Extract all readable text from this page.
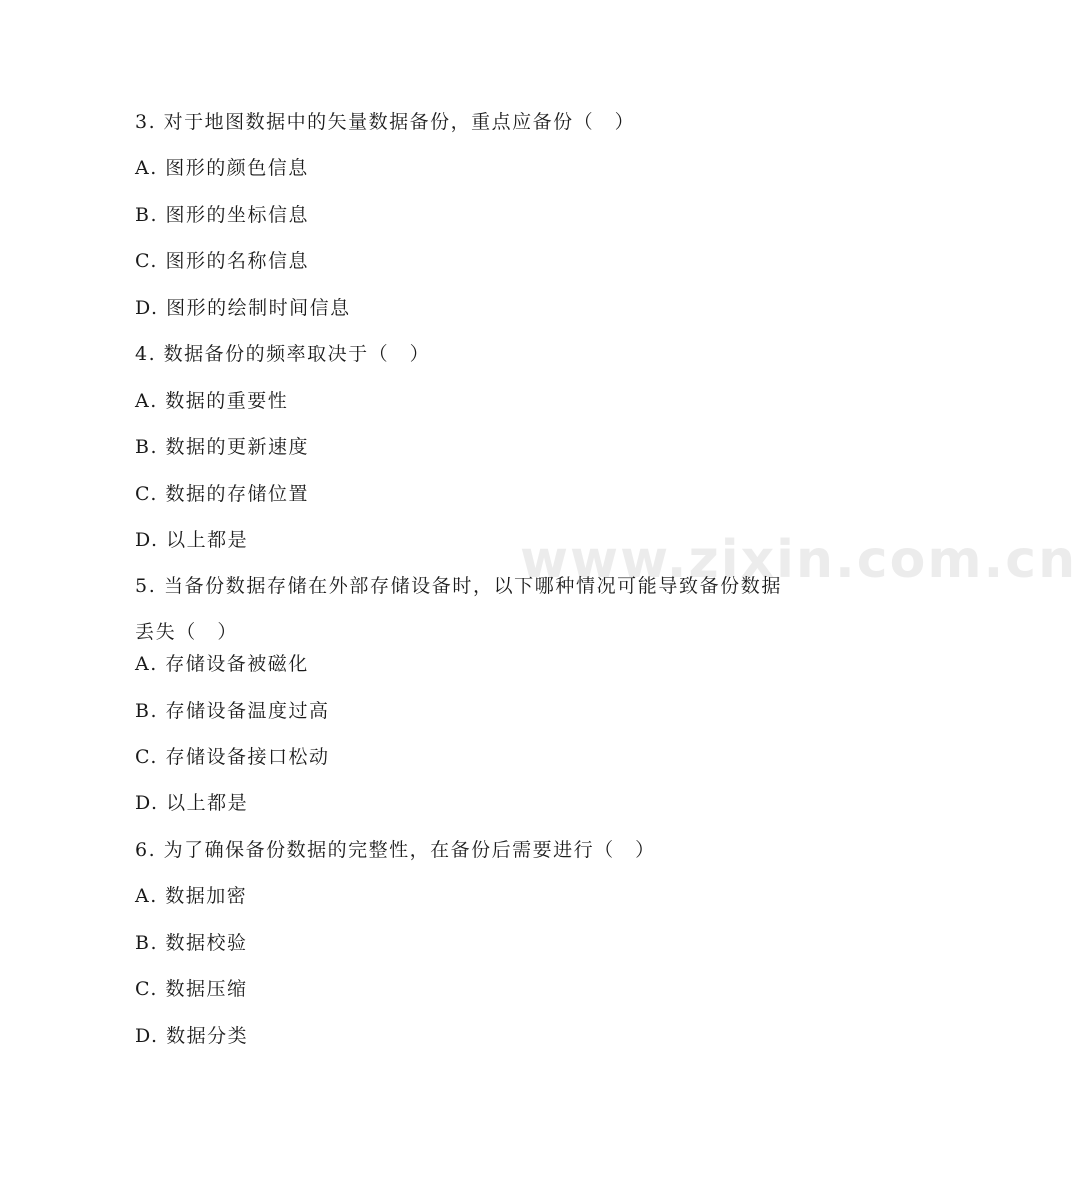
www.zixin.com.cn
3. 对于地图数据中的矢量数据备份，重点应备份（　）
A. 图形的颜色信息
B. 图形的坐标信息
C. 图形的名称信息
D. 图形的绘制时间信息
4. 数据备份的频率取决于（　）
A. 数据的重要性
B. 数据的更新速度
C. 数据的存储位置
D. 以上都是
5. 当备份数据存储在外部存储设备时，以下哪种情况可能导致备份数据丢失（　）
A. 存储设备被磁化
B. 存储设备温度过高
C. 存储设备接口松动
D. 以上都是
6. 为了确保备份数据的完整性，在备份后需要进行（　）
A. 数据加密
B. 数据校验
C. 数据压缩
D. 数据分类
